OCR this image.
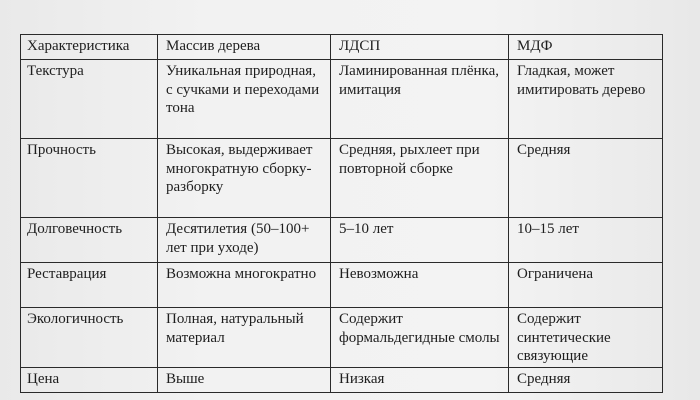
Характеристика	Массив дерева	ЛДСП	МДФ
Текстура	Уникальная природная, с сучками и переходами тона	Ламинированная плёнка, имитация	Гладкая, может имитировать дерево
Прочность	Высокая, выдерживает многократную сборку-разборку	Средняя, рыхлеет при повторной сборке	Средняя
Долговечность	Десятилетия (50–100+ лет при уходе)	5–10 лет	10–15 лет
Реставрация	Возможна многократно	Невозможна	Ограничена
Экологичность	Полная, натуральный материал	Содержит формальдегидные смолы	Содержит синтетические связующие
Цена	Выше	Низкая	Средняя
